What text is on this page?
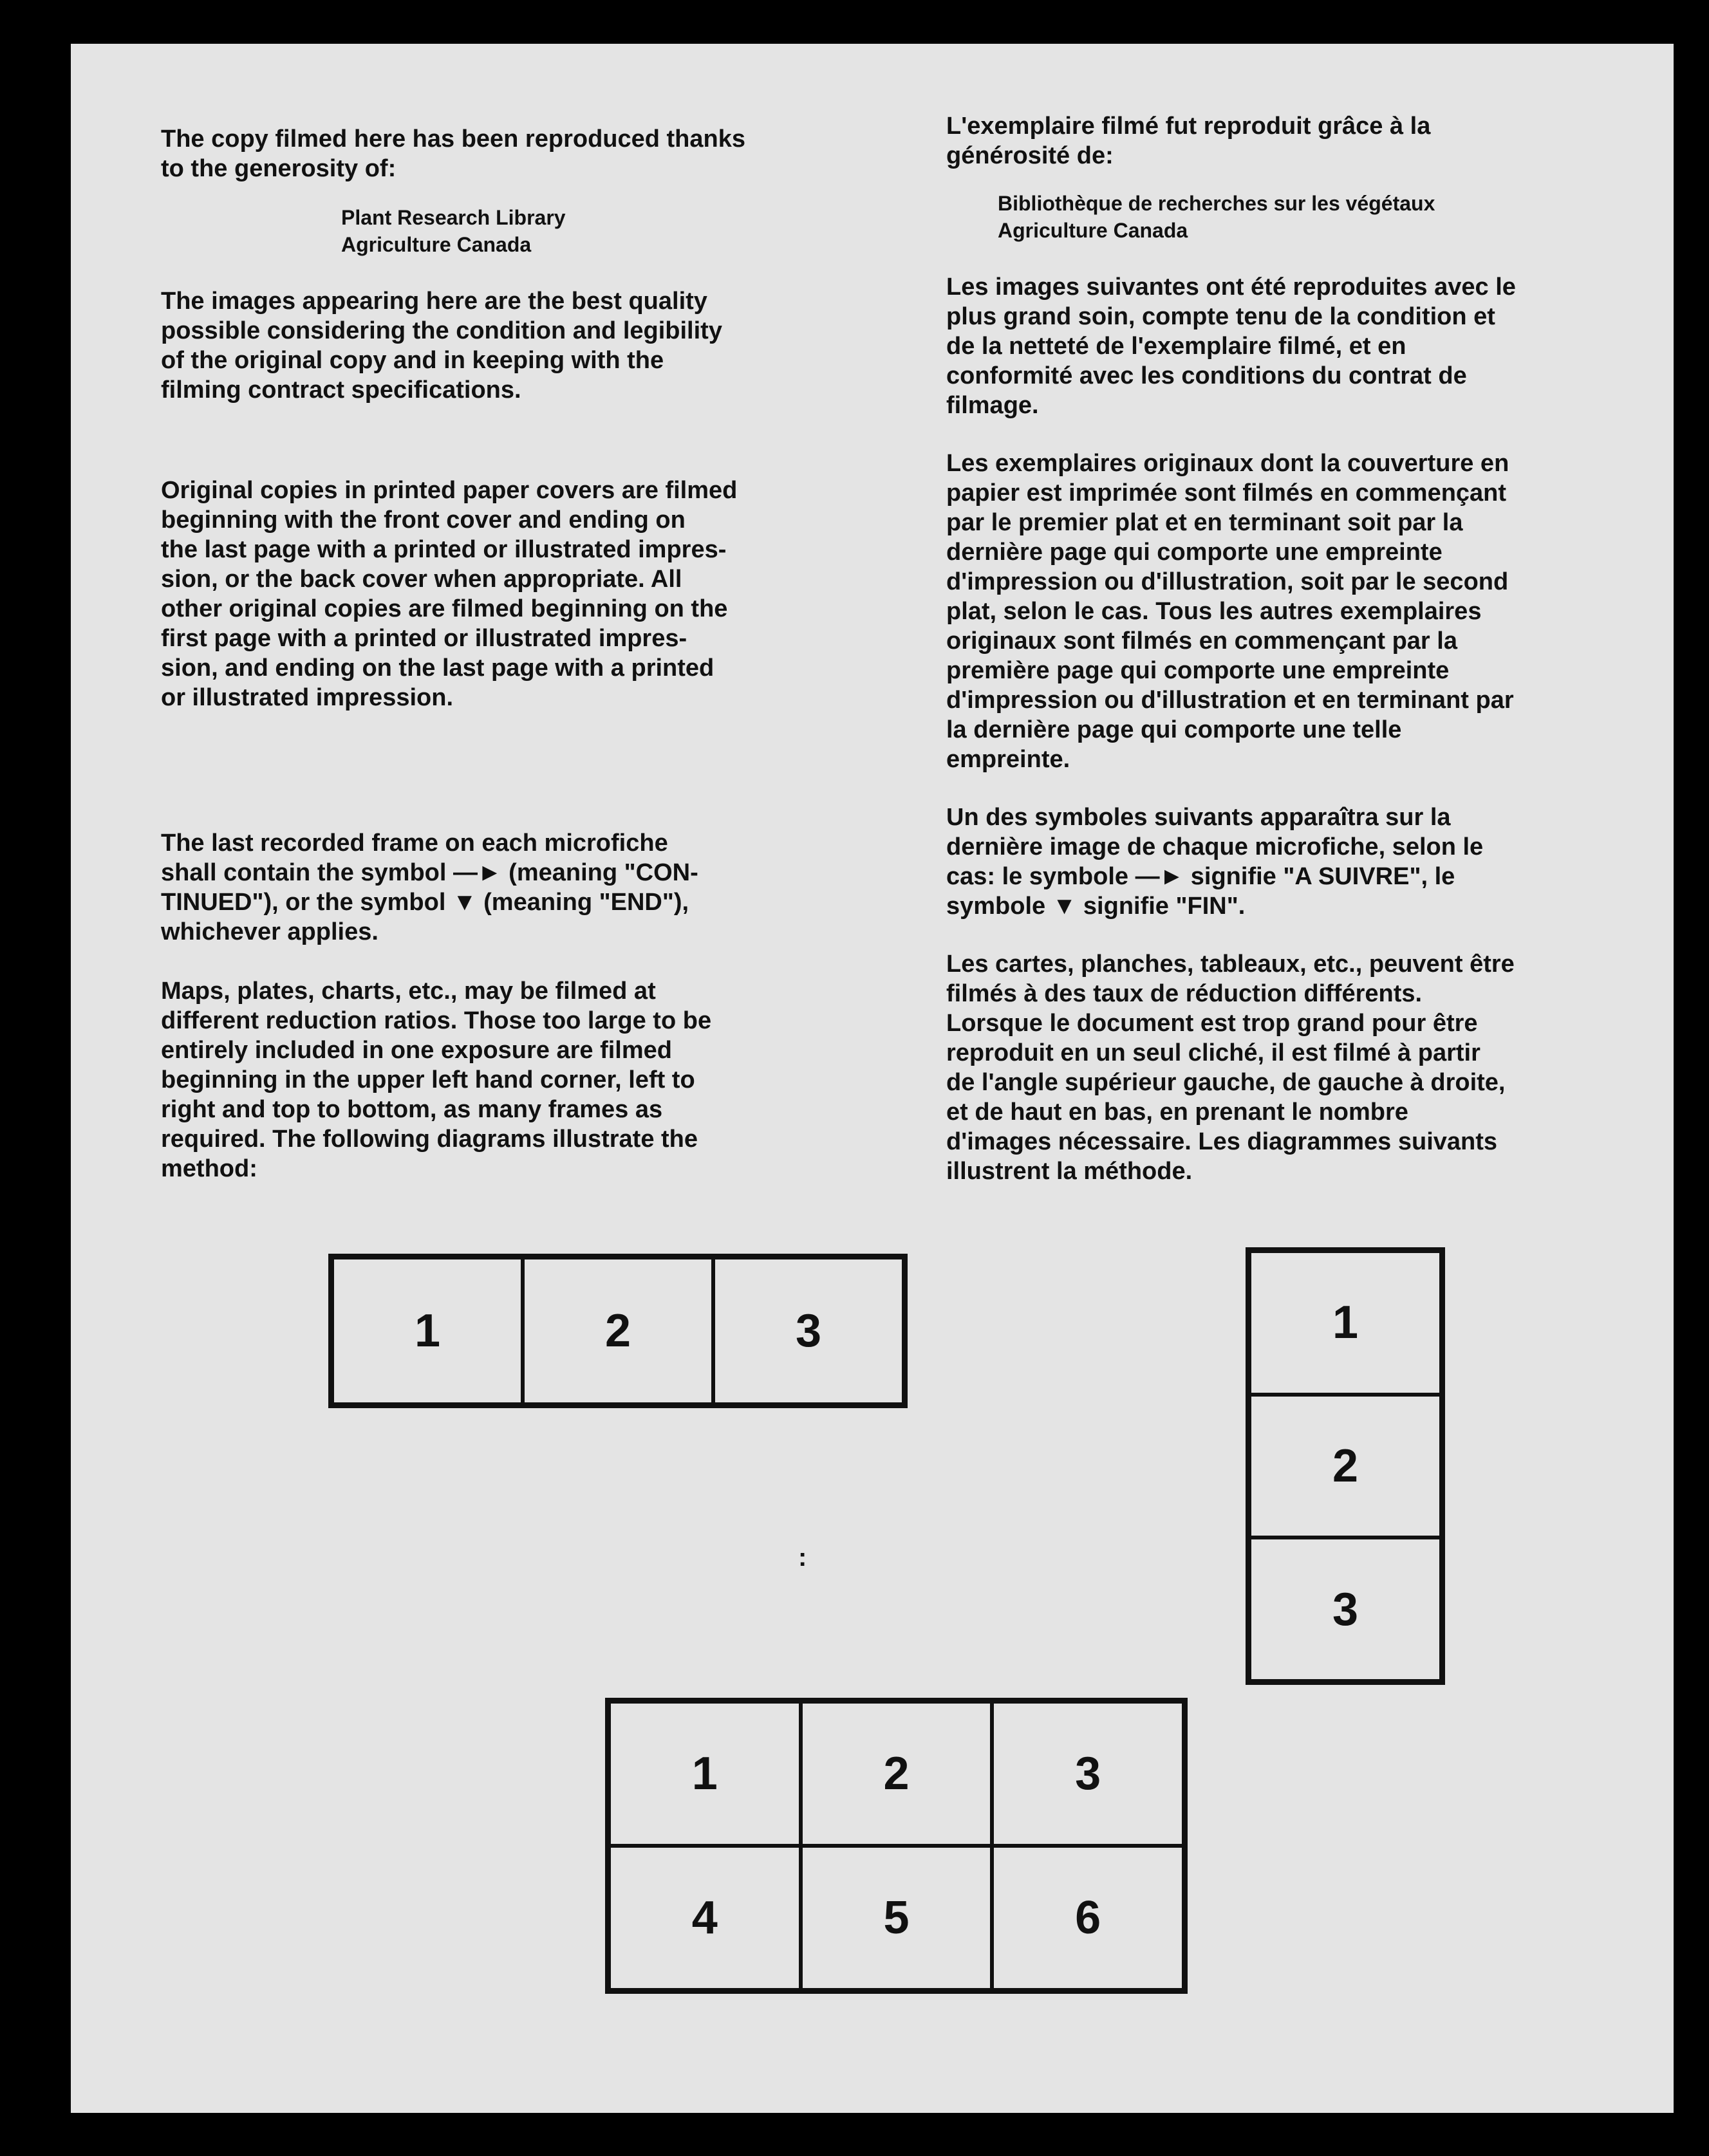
The copy filmed here has been reproduced thanks
to the generosity of:

Plant Research Library
Agriculture Canada

The images appearing here are the best quality
possible considering the condition and legibility
of the original copy and in keeping with the
filming contract specifications.

Original copies in printed paper covers are filmed
beginning with the front cover and ending on
the last page with a printed or illustrated impres-
sion, or the back cover when appropriate. All
other original copies are filmed beginning on the
first page with a printed or illustrated impres-
sion, and ending on the last page with a printed
or illustrated impression.

The last recorded frame on each microfiche
shall contain the symbol —► (meaning "CON-
TINUED"), or the symbol ▼ (meaning "END"),
whichever applies.

Maps, plates, charts, etc., may be filmed at
different reduction ratios. Those too large to be
entirely included in one exposure are filmed
beginning in the upper left hand corner, left to
right and top to bottom, as many frames as
required. The following diagrams illustrate the
method:

L'exemplaire filmé fut reproduit grâce à la
générosité de:

Bibliothèque de recherches sur les végétaux
Agriculture Canada

Les images suivantes ont été reproduites avec le
plus grand soin, compte tenu de la condition et
de la netteté de l'exemplaire filmé, et en
conformité avec les conditions du contrat de
filmage.

Les exemplaires originaux dont la couverture en
papier est imprimée sont filmés en commençant
par le premier plat et en terminant soit par la
dernière page qui comporte une empreinte
d'impression ou d'illustration, soit par le second
plat, selon le cas. Tous les autres exemplaires
originaux sont filmés en commençant par la
première page qui comporte une empreinte
d'impression ou d'illustration et en terminant par
la dernière page qui comporte une telle
empreinte.

Un des symboles suivants apparaîtra sur la
dernière image de chaque microfiche, selon le
cas: le symbole —► signifie "A SUIVRE", le
symbole ▼ signifie "FIN".

Les cartes, planches, tableaux, etc., peuvent être
filmés à des taux de réduction différents.
Lorsque le document est trop grand pour être
reproduit en un seul cliché, il est filmé à partir
de l'angle supérieur gauche, de gauche à droite,
et de haut en bas, en prenant le nombre
d'images nécessaire. Les diagrammes suivants
illustrent la méthode.

1	2	3	1
2
3
:
1	2	3
4	5	6
